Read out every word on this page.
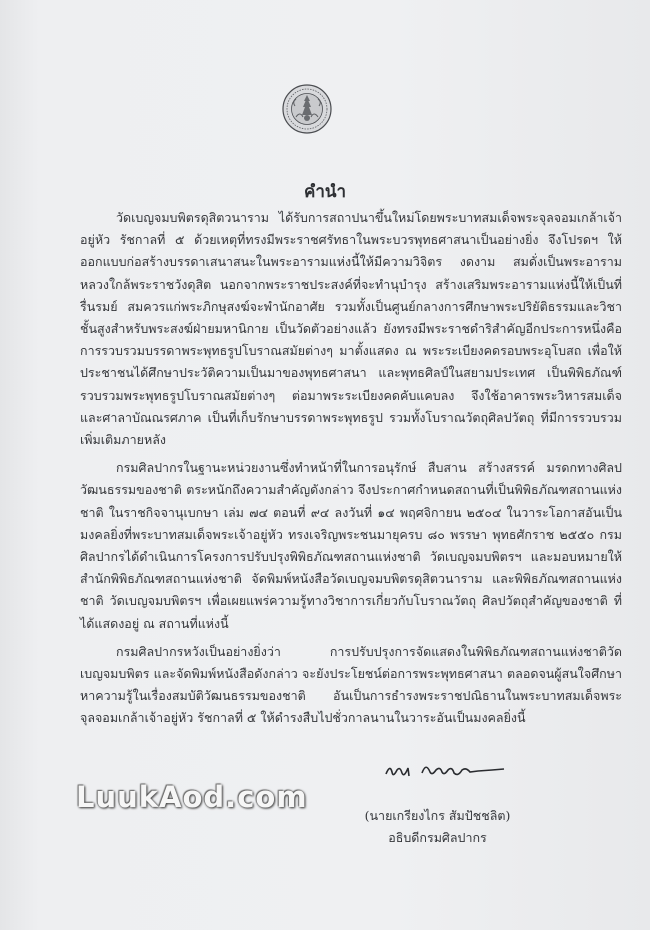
คำนำ

วัดเบญจมบพิตรดุสิตวนาราม ได้รับการสถาปนาขึ้นใหม่โดยพระบาทสมเด็จพระจุลจอมเกล้าเจ้าอยู่หัว รัชกาลที่ ๕ ด้วยเหตุที่ทรงมีพระราชศรัทธาในพระบวรพุทธศาสนาเป็นอย่างยิ่ง จึงโปรดฯ ให้ออกแบบก่อสร้างบรรดาเสนาสนะในพระอารามแห่งนี้ให้มีความวิจิตร งดงาม สมดั่งเป็นพระอารามหลวงใกล้พระราชวังดุสิต นอกจากพระราชประสงค์ที่จะทำนุบำรุง สร้างเสริมพระอารามแห่งนี้ให้เป็นที่รื่นรมย์ สมควรแก่พระภิกษุสงฆ์จะพำนักอาศัย รวมทั้งเป็นศูนย์กลางการศึกษาพระปริยัติธรรมและวิชาชั้นสูงสำหรับพระสงฆ์ฝ่ายมหานิกาย เป็นวัดตัวอย่างแล้ว ยังทรงมีพระราชดำริสำคัญอีกประการหนึ่งคือ การรวบรวมบรรดาพระพุทธรูปโบราณสมัยต่างๆ มาตั้งแสดง ณ พระระเบียงคดรอบพระอุโบสถ เพื่อให้ประชาชนได้ศึกษาประวัติความเป็นมาของพุทธศาสนา และพุทธศิลป์ในสยามประเทศ เป็นพิพิธภัณฑ์รวบรวมพระพุทธรูปโบราณสมัยต่างๆ ต่อมาพระระเบียงคดคับแคบลง จึงใช้อาคารพระวิหารสมเด็จ และศาลาบัณณรศภาค เป็นที่เก็บรักษาบรรดาพระพุทธรูป รวมทั้งโบราณวัตถุศิลปวัตถุ ที่มีการรวบรวมเพิ่มเติมภายหลัง

กรมศิลปากรในฐานะหน่วยงานซึ่งทำหน้าที่ในการอนุรักษ์ สืบสาน สร้างสรรค์ มรดกทางศิลปวัฒนธรรมของชาติ ตระหนักถึงความสำคัญดังกล่าว จึงประกาศกำหนดสถานที่เป็นพิพิธภัณฑสถานแห่งชาติ ในราชกิจจานุเบกษา เล่ม ๗๔ ตอนที่ ๙๔ ลงวันที่ ๑๔ พฤศจิกายน ๒๕๐๔ ในวาระโอกาสอันเป็นมงคลยิ่งที่พระบาทสมเด็จพระเจ้าอยู่หัว ทรงเจริญพระชนมายุครบ ๘๐ พรรษา พุทธศักราช ๒๕๕๐ กรมศิลปากรได้ดำเนินการโครงการปรับปรุงพิพิธภัณฑสถานแห่งชาติ วัดเบญจมบพิตรฯ และมอบหมายให้สำนักพิพิธภัณฑสถานแห่งชาติ จัดพิมพ์หนังสือวัดเบญจมบพิตรดุสิตวนาราม และพิพิธภัณฑสถานแห่งชาติ วัดเบญจมบพิตรฯ เพื่อเผยแพร่ความรู้ทางวิชาการเกี่ยวกับโบราณวัตถุ ศิลปวัตถุสำคัญของชาติ ที่ได้แสดงอยู่ ณ สถานที่แห่งนี้

กรมศิลปากรหวังเป็นอย่างยิ่งว่า การปรับปรุงการจัดแสดงในพิพิธภัณฑสถานแห่งชาติวัดเบญจมบพิตร และจัดพิมพ์หนังสือดังกล่าว จะยังประโยชน์ต่อการพระพุทธศาสนา ตลอดจนผู้สนใจศึกษาหาความรู้ในเรื่องสมบัติวัฒนธรรมของชาติ อันเป็นการธำรงพระราชปณิธานในพระบาทสมเด็จพระจุลจอมเกล้าเจ้าอยู่หัว รัชกาลที่ ๕ ให้ดำรงสืบไปชั่วกาลนานในวาระอันเป็นมงคลยิ่งนี้

LuukAod.com
(นายเกรียงไกร สัมปัชชลิต)
อธิบดีกรมศิลปากร
